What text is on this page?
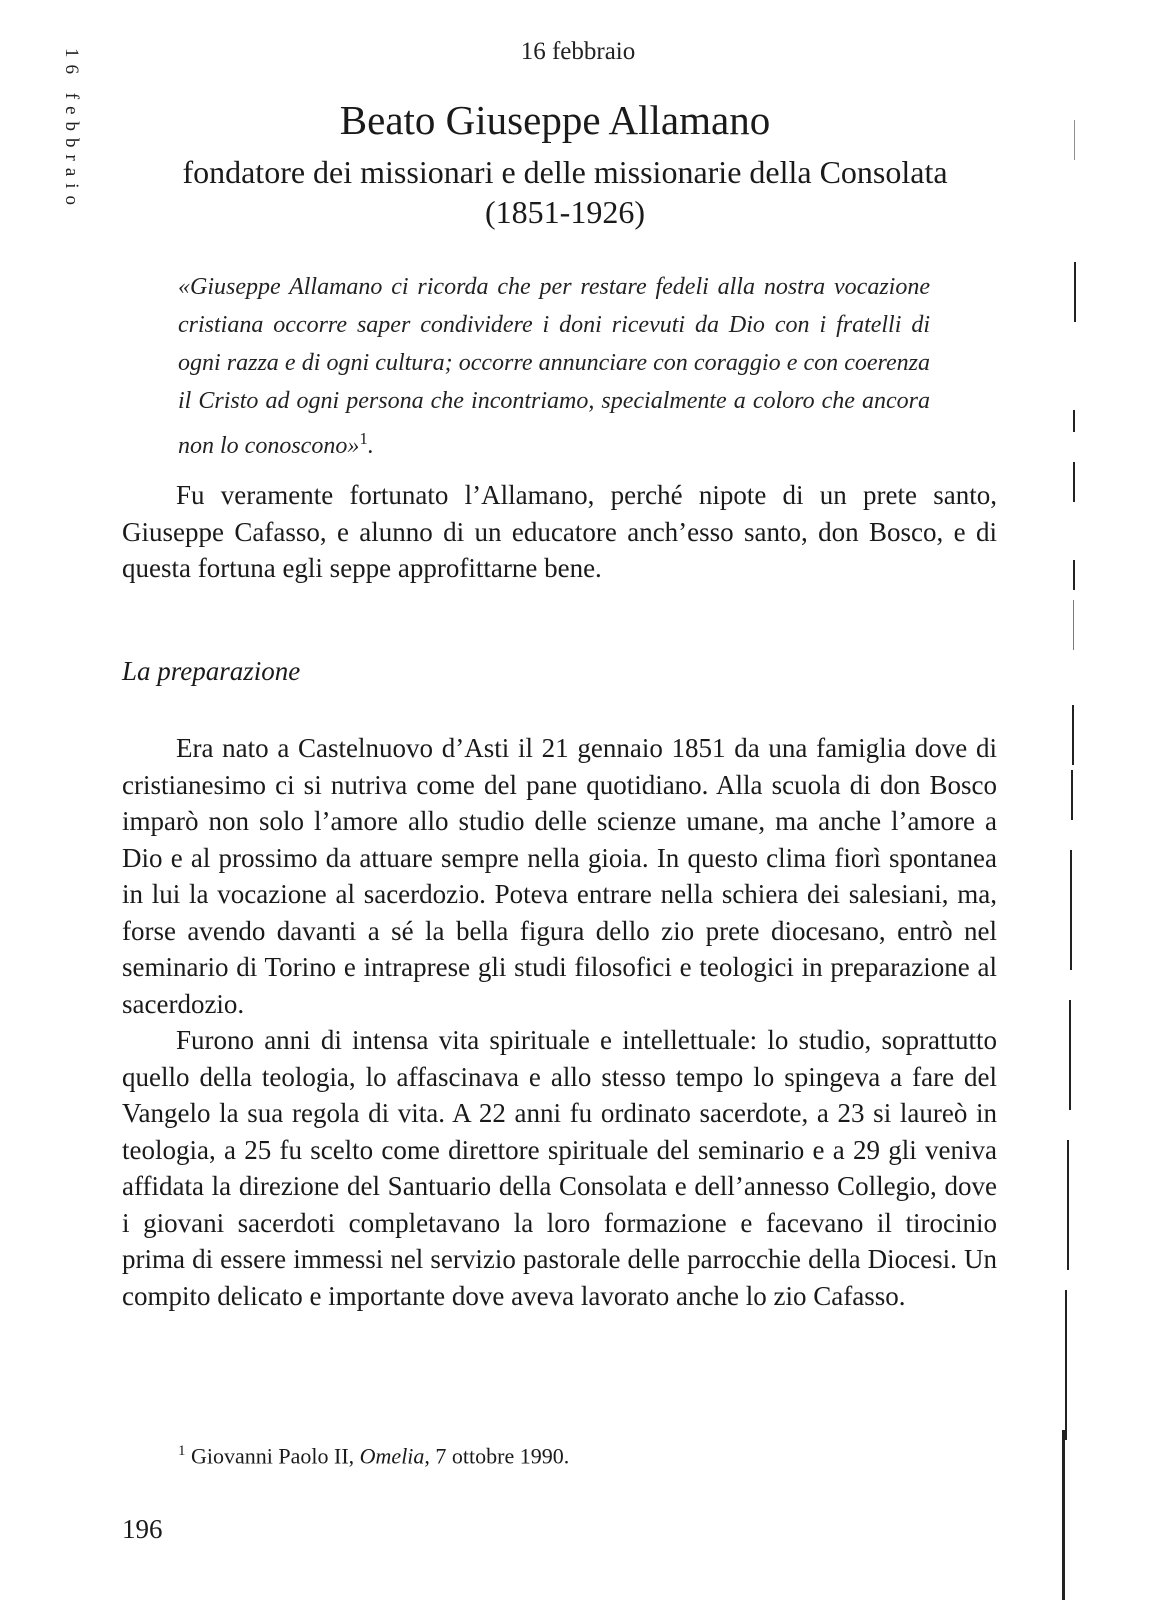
16 febbraio	16 febbraio
Beato Giuseppe Allamano
fondatore dei missionari e delle missionarie della Consolata
(1851-1926)
«Giuseppe Allamano ci ricorda che per restare fedeli alla nostra vocazione cristiana occorre saper condividere i doni ricevuti da Dio con i fratelli di ogni razza e di ogni cultura; occorre annunciare con coraggio e con coerenza il Cristo ad ogni persona che incontriamo, specialmente a coloro che ancora non lo conoscono»$^1$.

Fu veramente fortunato l’Allamano, perché nipote di un prete santo, Giuseppe Cafasso, e alunno di un educatore anch’esso santo, don Bosco, e di questa fortuna egli seppe approfittarne bene.

La preparazione

Era nato a Castelnuovo d’Asti il 21 gennaio 1851 da una famiglia dove di cristianesimo ci si nutriva come del pane quotidiano. Alla scuola di don Bosco imparò non solo l’amore allo studio delle scienze umane, ma anche l’amore a Dio e al prossimo da attuare sempre nella gioia. In questo clima fiorì spontanea in lui la vocazione al sacerdozio. Poteva entrare nella schiera dei salesiani, ma, forse avendo davanti a sé la bella figura dello zio prete diocesano, entrò nel seminario di Torino e intraprese gli studi filosofici e teologici in preparazione al sacerdozio.

Furono anni di intensa vita spirituale e intellettuale: lo studio, soprattutto quello della teologia, lo affascinava e allo stesso tempo lo spingeva a fare del Vangelo la sua regola di vita. A 22 anni fu ordinato sacerdote, a 23 si laureò in teologia, a 25 fu scelto come direttore spirituale del seminario e a 29 gli veniva affidata la direzione del Santuario della Consolata e dell’annesso Collegio, dove i giovani sacerdoti completavano la loro formazione e facevano il tirocinio prima di essere immessi nel servizio pastorale delle parrocchie della Diocesi. Un compito delicato e importante dove aveva lavorato anche lo zio Cafasso.

$^1$ Giovanni Paolo II, Omelia, 7 ottobre 1990.
196
